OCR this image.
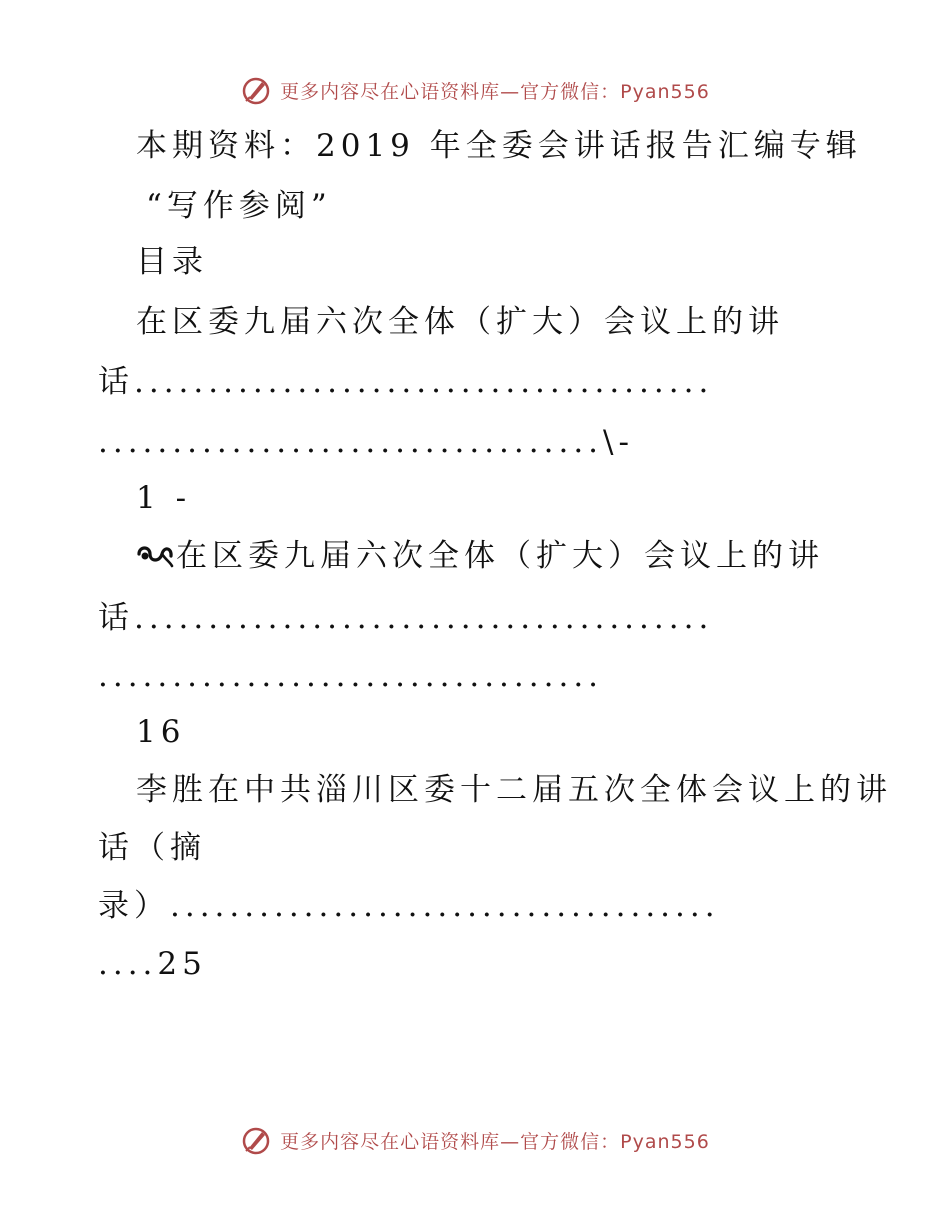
更多内容尽在心语资料库—官方微信：Pyan556
本期资料：2019 年全委会讲话报告汇编专辑
“写作参阅”
目录
在区委九届六次全体（扩大）会议上的讲
话.......................................
..................................\-
1 -
在区委九届六次全体（扩大）会议上的讲
话.......................................
..................................
16
李胜在中共淄川区委十二届五次全体会议上的讲
话（摘
录）.....................................
....25
更多内容尽在心语资料库—官方微信：Pyan556
